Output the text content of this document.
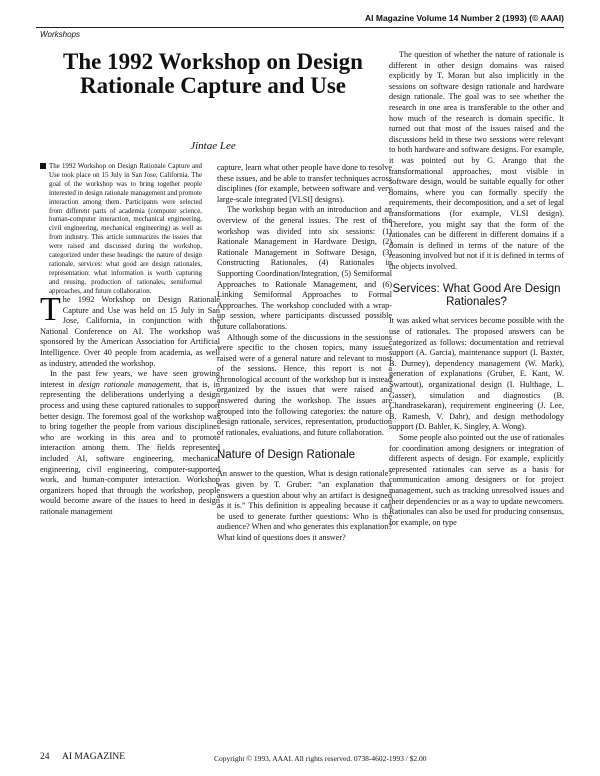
AI Magazine Volume 14 Number 2 (1993) (© AAAI)
Workshops
The 1992 Workshop on Design Rationale Capture and Use
Jintae Lee

The 1992 Workshop on Design Rationale Capture and Use took place on 15 July in San Jose, California. The goal of the workshop was to bring together people interested in design rationale management and promote interaction among them. Participants were selected from different parts of academia (computer science, human-computer interaction, mechanical engineering, civil engineering, mechanical engineering) as well as from industry. This article summarizes the issues that were raised and discussed during the workshop, categorized under these headings: the nature of design rationale, services: what good are design rationales, representation: what information is worth capturing and reusing, production of rationales, semiformal approaches, and future collaboration.

The 1992 Workshop on Design Rationale Capture and Use was held on 15 July in San Jose, California, in conjunction with the National Conference on AI. The workshop was sponsored by the American Association for Artificial Intelligence. Over 40 people from academia, as well as industry, attended the workshop.

In the past few years, we have seen growing interest in design rationale management, that is, in representing the deliberations underlying a design process and using these captured rationales to support better design. The foremost goal of the workshop was to bring together the people from various disciplines who are working in this area and to promote interaction among them. The fields represented included AI, software engineering, mechanical engineering, civil engineering, computer-supported work, and human-computer interaction. Workshop organizers hoped that through the workshop, people would become aware of the issues to heed in design rationale management

capture, learn what other people have done to resolve these issues, and be able to transfer techniques across disciplines (for example, between software and very large-scale integrated [VLSI] designs).

The workshop began with an introduction and an overview of the general issues. The rest of the workshop was divided into six sessions: (1) Rationale Management in Hardware Design, (2) Rationale Management in Software Design, (3) Constructing Rationales, (4) Rationales in Supporting Coordination/Integration, (5) Semiformal Approaches to Rationale Management, and (6) Linking Semiformal Approaches to Formal Approaches. The workshop concluded with a wrap-up session, where participants discussed possible future collaborations.

Although some of the discussions in the sessions were specific to the chosen topics, many issues raised were of a general nature and relevant to most of the sessions. Hence, this report is not a chronological account of the workshop but is instead organized by the issues that were raised and answered during the workshop. The issues are grouped into the following categories: the nature of design rationale, services, representation, production of rationales, evaluations, and future collaboration.

Nature of Design Rationale

An answer to the question, What is design rationale? was given by T. Gruber: “an explanation that answers a question about why an artifact is designed as it is.” This definition is appealing because it can be used to generate further questions: Who is the audience? When and who generates this explanation? What kind of questions does it answer?

The question of whether the nature of rationale is different in other design domains was raised explicitly by T. Moran but also implicitly in the sessions on software design rationale and hardware design rationale. The goal was to see whether the research in one area is transferable to the other and how much of the research is domain specific. It turned out that most of the issues raised and the discussions held in these two sessions were relevant to both hardware and software designs. For example, it was pointed out by G. Arango that the transformational approaches, most visible in software design, would be suitable equally for other domains, where you can formally specify the requirements, their decomposition, and a set of legal transformations (for example, VLSI design). Therefore, you might say that the form of the rationales can be different in different domains if a domain is defined in terms of the nature of the reasoning involved but not if it is defined in terms of the objects involved.

Services: What Good Are Design Rationales?

It was asked what services become possible with the use of rationales. The proposed answers can be categorized as follows: documentation and retrieval support (A. Garcia), maintenance support (I. Baxter, B. Durney), dependency management (W. Mark), generation of explanations (Gruber, E. Kant, W. Swartout), organizational design (I. Hulthage, L. Gasser), simulation and diagnostics (B. Chandrasekaran), requirement engineering (J. Lee, B. Ramesh, V. Dahr), and design methodology support (D. Bahler, K. Singley, A. Wong).

Some people also pointed out the use of rationales for coordination among designers or integration of different aspects of design. For example, explicitly represented rationales can serve as a basis for communication among designers or for project management, such as tracking unresolved issues and their dependencies or as a way to update newcomers. Rationales can also be used for producing consensus, for example, on type

24 AI MAGAZINE	Copyright © 1993, AAAI. All rights reserved. 0738-4602-1993 / $2.00
